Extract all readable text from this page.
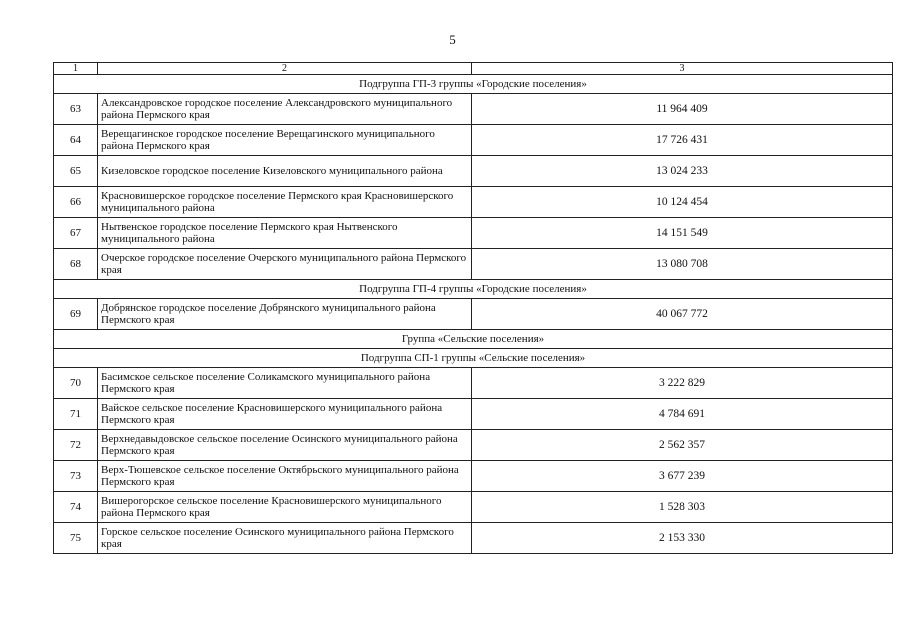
5
1	2	3
Подгруппа ГП-3 группы «Городские поселения»		
63	Александровское городское поселение Александровского муниципального района Пермского края	11 964 409
64	Верещагинское городское поселение Верещагинского муниципального района Пермского края	17 726 431
65	Кизеловское городское поселение Кизеловского муниципального района	13 024 233
66	Красновишерское городское поселение Пермского края Красновишерского муниципального района	10 124 454
67	Нытвенское городское поселение Пермского края Нытвенского муниципального района	14 151 549
68	Очерское городское поселение Очерского муниципального района Пермского края	13 080 708
Подгруппа ГП-4 группы «Городские поселения»		
69	Добрянское городское поселение Добрянского муниципального района Пермского края	40 067 772
Группа «Сельские поселения»		
Подгруппа СП-1 группы «Сельские поселения»		
70	Басимское сельское поселение Соликамского муниципального района Пермского края	3 222 829
71	Вайское сельское поселение Красновишерского муниципального района Пермского края	4 784 691
72	Верхнедавыдовское сельское поселение Осинского муниципального района Пермского края	2 562 357
73	Верх-Тюшевское сельское поселение Октябрьского муниципального района Пермского края	3 677 239
74	Вишерогорское сельское поселение Красновишерского муниципального района Пермского края	1 528 303
75	Горское сельское поселение Осинского муниципального района Пермского края	2 153 330
